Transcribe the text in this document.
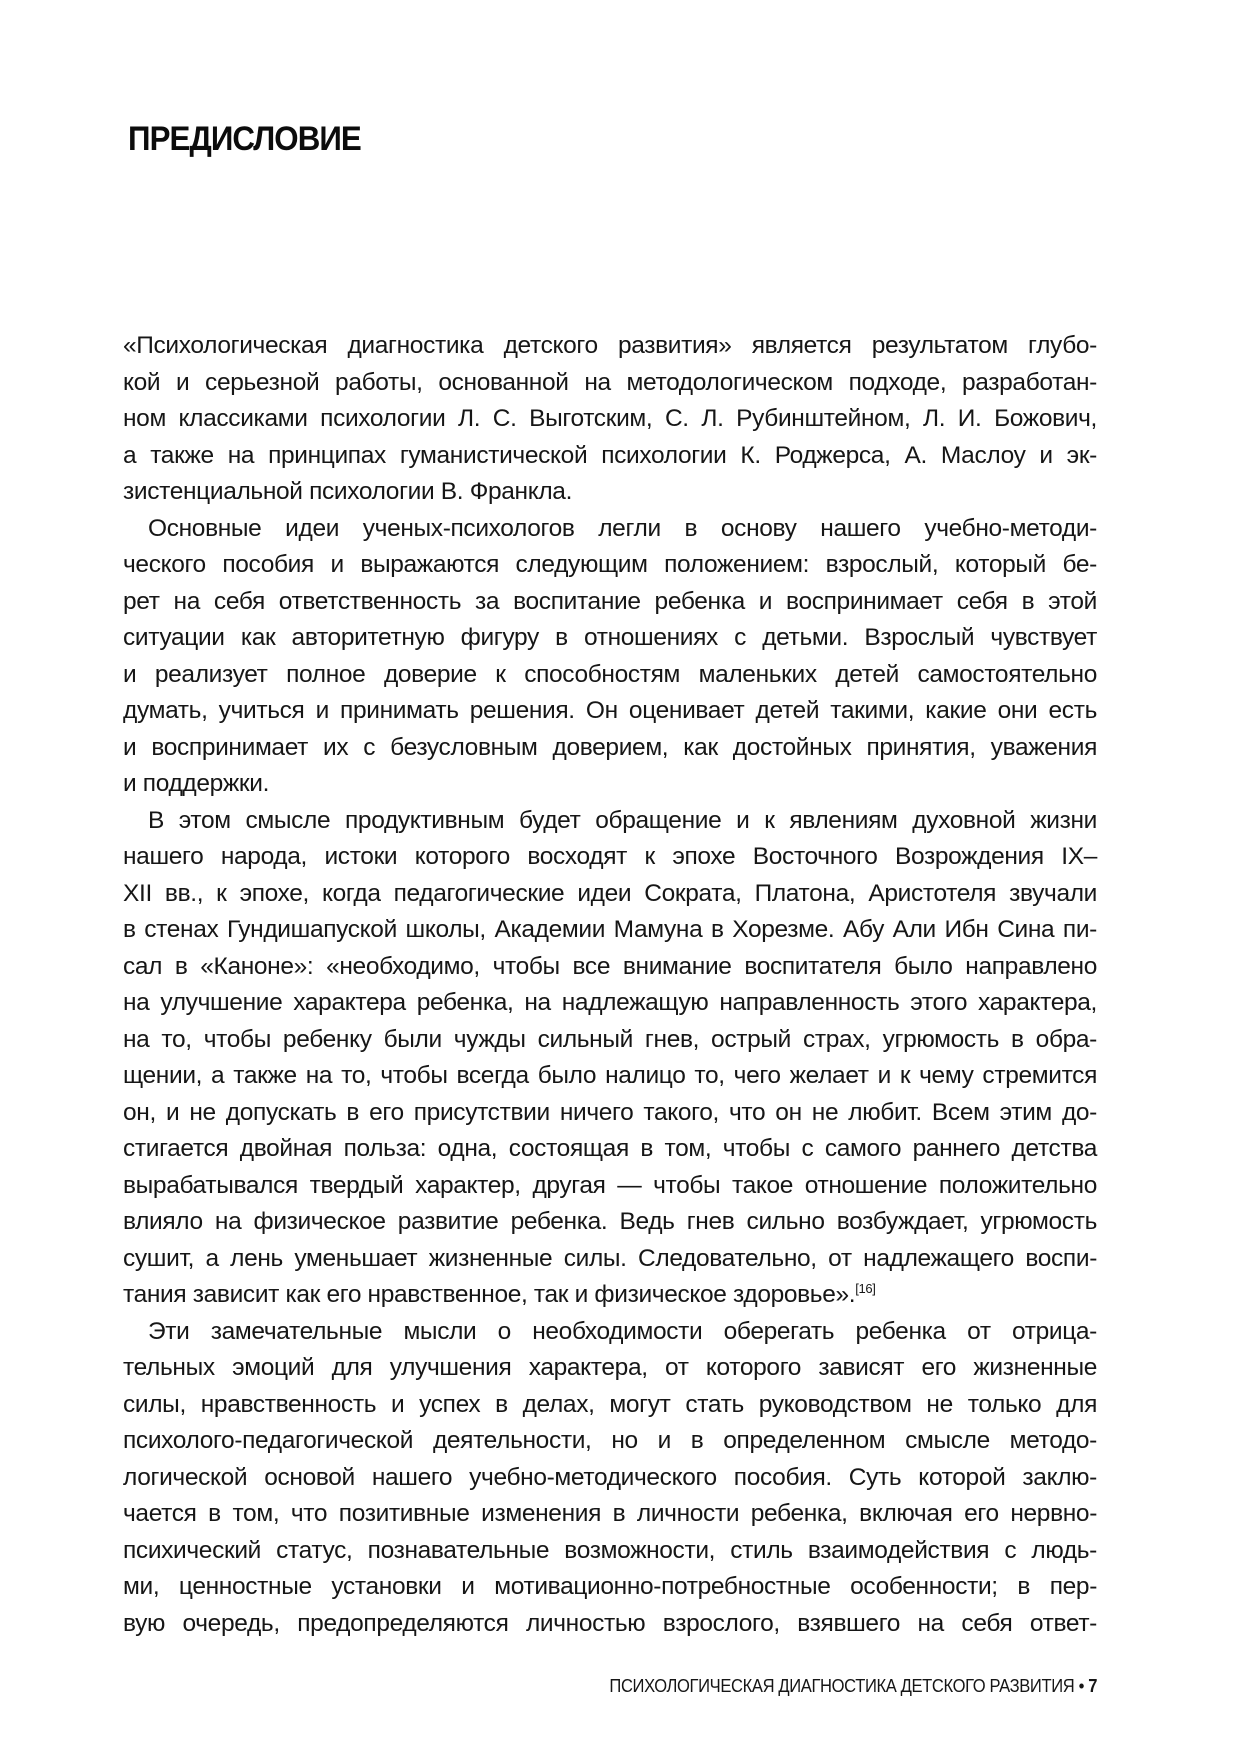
ПРЕДИСЛОВИЕ
«Психологическая диагностика детского развития» является результатом глубо-
кой и серьезной работы, основанной на методологическом подходе, разработан-
ном классиками психологии Л. С. Выготским, С. Л. Рубинштейном, Л. И. Божович,
а также на принципах гуманистической психологии К. Роджерса, А. Маслоу и эк-
зистенциальной психологии В. Франкла.
Основные идеи ученых-психологов легли в основу нашего учебно-методи-
ческого пособия и выражаются следующим положением: взрослый, который бе-
рет на себя ответственность за воспитание ребенка и воспринимает себя в этой
ситуации как авторитетную фигуру в отношениях с детьми. Взрослый чувствует
и реализует полное доверие к способностям маленьких детей самостоятельно
думать, учиться и принимать решения. Он оценивает детей такими, какие они есть
и воспринимает их с безусловным доверием, как достойных принятия, уважения
и поддержки.
В этом смысле продуктивным будет обращение и к явлениям духовной жизни
нашего народа, истоки которого восходят к эпохе Восточного Возрождения IX–
XII вв., к эпохе, когда педагогические идеи Сократа, Платона, Аристотеля звучали
в стенах Гундишапуской школы, Академии Мамуна в Хорезме. Абу Али Ибн Сина пи-
сал в «Каноне»: «необходимо, чтобы все внимание воспитателя было направлено
на улучшение характера ребенка, на надлежащую направленность этого характера,
на то, чтобы ребенку были чужды сильный гнев, острый страх, угрюмость в обра-
щении, а также на то, чтобы всегда было налицо то, чего желает и к чему стремится
он, и не допускать в его присутствии ничего такого, что он не любит. Всем этим до-
стигается двойная польза: одна, состоящая в том, чтобы с самого раннего детства
вырабатывался твердый характер, другая — чтобы такое отношение положительно
влияло на физическое развитие ребенка. Ведь гнев сильно возбуждает, угрюмость
сушит, а лень уменьшает жизненные силы. Следовательно, от надлежащего воспи-
тания зависит как его нравственное, так и физическое здоровье».[16]
Эти замечательные мысли о необходимости оберегать ребенка от отрица-
тельных эмоций для улучшения характера, от которого зависят его жизненные
силы, нравственность и успех в делах, могут стать руководством не только для
психолого-педагогической деятельности, но и в определенном смысле методо-
логической основой нашего учебно-методического пособия. Суть которой заклю-
чается в том, что позитивные изменения в личности ребенка, включая его нервно-
психический статус, познавательные возможности, стиль взаимодействия с людь-
ми, ценностные установки и мотивационно-потребностные особенности; в пер-
вую очередь, предопределяются личностью взрослого, взявшего на себя ответ-
ПСИХОЛОГИЧЕСКАЯ ДИАГНОСТИКА ДЕТСКОГО РАЗВИТИЯ • 7
